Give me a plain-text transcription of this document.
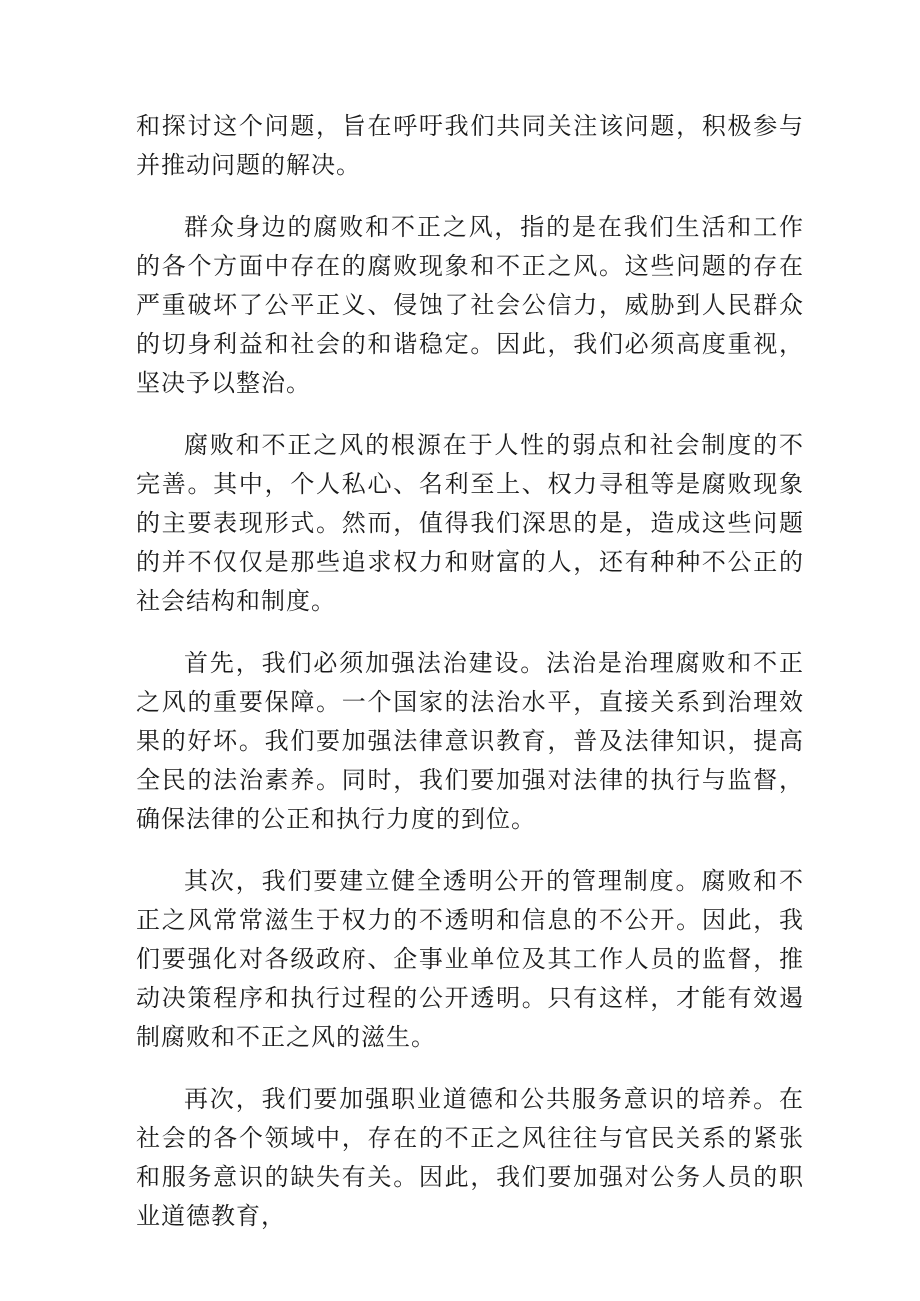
和探讨这个问题，旨在呼吁我们共同关注该问题，积极参与并推动问题的解决。

群众身边的腐败和不正之风，指的是在我们生活和工作的各个方面中存在的腐败现象和不正之风。这些问题的存在严重破坏了公平正义、侵蚀了社会公信力，威胁到人民群众的切身利益和社会的和谐稳定。因此，我们必须高度重视，坚决予以整治。

腐败和不正之风的根源在于人性的弱点和社会制度的不完善。其中，个人私心、名利至上、权力寻租等是腐败现象的主要表现形式。然而，值得我们深思的是，造成这些问题的并不仅仅是那些追求权力和财富的人，还有种种不公正的社会结构和制度。

首先，我们必须加强法治建设。法治是治理腐败和不正之风的重要保障。一个国家的法治水平，直接关系到治理效果的好坏。我们要加强法律意识教育，普及法律知识，提高全民的法治素养。同时，我们要加强对法律的执行与监督，确保法律的公正和执行力度的到位。

其次，我们要建立健全透明公开的管理制度。腐败和不正之风常常滋生于权力的不透明和信息的不公开。因此，我们要强化对各级政府、企事业单位及其工作人员的监督，推动决策程序和执行过程的公开透明。只有这样，才能有效遏制腐败和不正之风的滋生。

再次，我们要加强职业道德和公共服务意识的培养。在社会的各个领域中，存在的不正之风往往与官民关系的紧张和服务意识的缺失有关。因此，我们要加强对公务人员的职业道德教育，
